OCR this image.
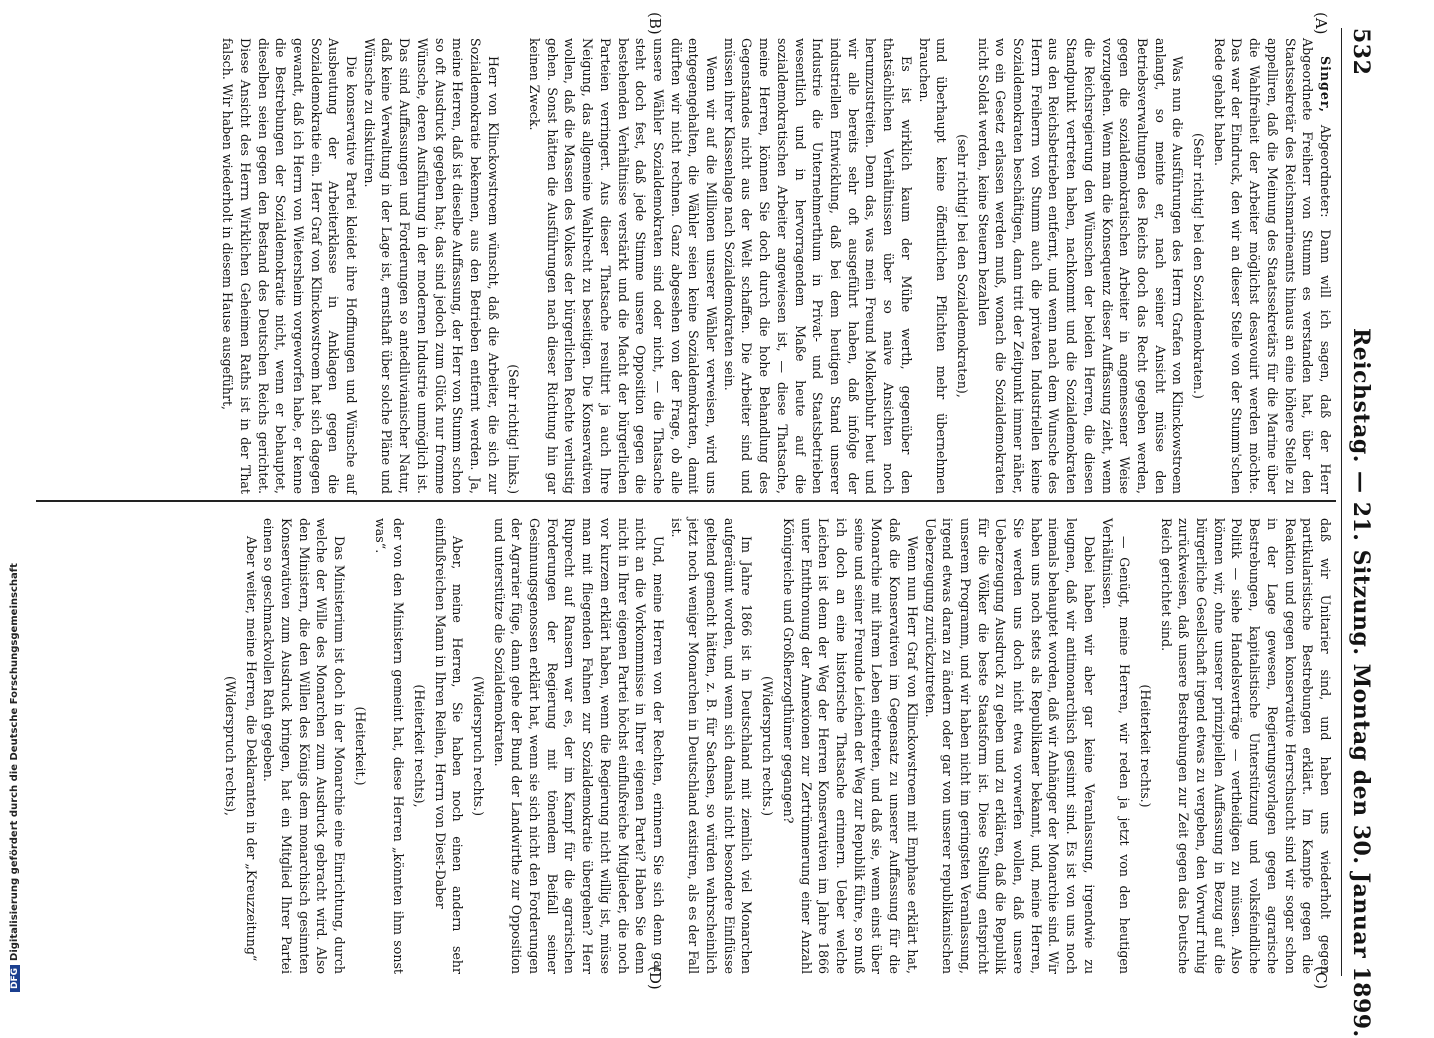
532
Reichstag. — 21. Sitzung. Montag den 30. Januar 1899.
(A)
(B)
(C)
(D)

Singer, Abgeordneter: Dann will ich sagen, daß der Herr Abgeordnete Freiherr von Stumm es verstanden hat, über den Staatssekretär des Reichsmarineamts hinaus an eine höhere Stelle zu appelliren, daß die Meinung des Staatssekretärs für die Marine über die Wahlfreiheit der Arbeiter möglichst desavouirt werden möchte. Das war der Eindruck, den wir an dieser Stelle von der Stumm'schen Rede gehabt haben.

(Sehr richtig! bei den Sozialdemokraten.)

Was nun die Ausführungen des Herrn Grafen von Klinckowstroem anlangt, so meinte er, nach seiner Ansicht müsse den Betriebsverwaltungen des Reichs doch das Recht gegeben werden, gegen die sozialdemokratischen Arbeiter in angemessener Weise vorzugehen. Wenn man die Konsequenz dieser Auffassung zieht, wenn die Reichsregierung den Wünschen der beiden Herren, die diesen Standpunkt vertreten haben, nachkommt und die Sozialdemokraten aus den Reichsbetrieben entfernt, und wenn nach dem Wunsche des Herrn Freiherrn von Stumm auch die privaten Industriellen keine Sozialdemokraten beschäftigen, dann tritt der Zeitpunkt immer näher, wo ein Gesetz erlassen werden muß, wonach die Sozialdemokraten nicht Soldat werden, keine Steuern bezahlen

(sehr richtig! bei den Sozialdemokraten),

und überhaupt keine öffentlichen Pflichten mehr übernehmen brauchen.

Es ist wirklich kaum der Mühe werth, gegenüber den thatsächlichen Verhältnissen über so naive Ansichten noch herumzustreiten. Denn das, was mein Freund Molkenbuhr heut und wir alle bereits sehr oft ausgeführt haben, daß infolge der industriellen Entwicklung, daß bei dem heutigen Stand unserer Industrie die Unternehmerthum in Privat- und Staatsbetrieben wesentlich und in hervorragendem Maße heute auf die sozialdemokratischen Arbeiter angewiesen ist, — diese Thatsache, meine Herren, können Sie doch durch die hohe Behandlung des Gegenstandes nicht aus der Welt schaffen. Die Arbeiter sind und müssen ihrer Klassenlage nach Sozialdemokraten sein.

Wenn wir auf die Millionen unserer Wähler verweisen, wird uns entgegengehalten, die Wähler seien keine Sozialdemokraten, damit dürften wir nicht rechnen. Ganz abgesehen von der Frage, ob alle unsere Wähler Sozialdemokraten sind oder nicht, — die Thatsache steht doch fest, daß jede Stimme unsere Opposition gegen die bestehenden Verhältnisse verstärkt und die Macht der bürgerlichen Parteien verringert. Aus dieser Thatsache resultirt ja auch Ihre Neigung, das allgemeine Wahlrecht zu beseitigen. Die Konservativen wollen, daß die Massen des Volkes der bürgerlichen Rechte verlustig gehen. Sonst hätten die Ausführungen nach dieser Richtung hin gar keinen Zweck.

(Sehr richtig! links.)

Herr von Klinckowstroem wünscht, daß die Arbeiter, die sich zur Sozialdemokratie bekennen, aus den Betrieben entfernt werden. Ja, meine Herren, daß ist dieselbe Auffassung, der Herr von Stumm schon so oft Ausdruck gegeben hat; das sind jedoch zum Glück nur fromme Wünsche, deren Ausführung in der modernen Industrie unmöglich ist. Das sind Auffassungen und Forderungen so antediluvianischer Natur, daß keine Verwaltung in der Lage ist, ernsthaft über solche Pläne und Wünsche zu diskutiren.

Die konservative Partei kleidet ihre Hoffnungen und Wünsche auf Ausbeutung der Arbeiterklasse in Anklagen gegen die Sozialdemokratie ein. Herr Graf von Klinckowstroem hat sich dagegen gewandt, daß ich Herrn von Wietersheim vorgeworfen habe, er kenne die Bestrebungen der Sozialdemokratie nicht, wenn er behauptet, dieselben seien gegen den Bestand des Deutschen Reichs gerichtet. Diese Ansicht des Herrn Wirklichen Geheimen Raths ist in der That falsch. Wir haben wiederholt in diesem Hause ausgeführt,

daß wir Unitarier sind, und haben uns wiederholt gegen partikularistische Bestrebungen erklärt. Im Kampfe gegen die Reaktion und gegen konservative Herrschsucht sind wir sogar schon in der Lage gewesen, Regierungsvorlagen gegen agrarische Bestrebungen, kapitalistische Unterstützung und volksfeindliche Politik — siehe Handelsverträge — vertheidigen zu müssen. Also können wir, ohne unserer prinzipiellen Auffassung in Bezug auf die bürgerliche Gesellschaft irgend etwas zu vergeben, den Vorwurf ruhig zurückweisen, daß unsere Bestrebungen zur Zeit gegen das Deutsche Reich gerichtet sind.

(Heiterkeit rechts.)

— Genügt, meine Herren, wir reden ja jetzt von den heutigen Verhältnissen.

Dabei haben wir aber gar keine Veranlassung, irgendwie zu leugnen, daß wir antimonarchisch gesinnt sind. Es ist von uns noch niemals behauptet worden, daß wir Anhänger der Monarchie sind. Wir haben uns noch stets als Republikaner bekannt, und, meine Herren, Sie werden uns doch nicht etwa vorwerfen wollen, daß unsere Ueberzeugung Ausdruck zu geben und zu erklären, daß die Republik für die Völker die beste Staatsform ist. Diese Stellung entspricht unserem Programm, und wir haben nicht im geringsten Veranlassung, irgend etwas daran zu ändern oder gar von unserer republikanischen Ueberzeugung zurückzutreten.

Wenn nun Herr Graf von Klinckowstroem mit Emphase erklärt hat, daß die Konservativen im Gegensatz zu unserer Auffassung für die Monarchie mit ihrem Leben eintreten, und daß sie, wenn einst über seine und seiner Freunde Leichen der Weg zur Republik führe, so muß ich doch an eine historische Thatsache erinnern. Ueber welche Leichen ist denn der Weg der Herren Konservativen im Jahre 1866 unter Entthronung der Annexionen zur Zertrümmerung einer Anzahl Königreiche und Großherzogthümer gegangen?

(Widerspruch rechts.)

Im Jahre 1866 ist in Deutschland mit ziemlich viel Monarchen aufgeräumt worden, und wenn sich damals nicht besondere Einflüsse geltend gemacht hätten, z. B. für Sachsen, so würden wahrscheinlich jetzt noch weniger Monarchen in Deutschland existiren, als es der Fall ist.

Und, meine Herren von der Rechten, erinnern Sie sich denn gar nicht an die Vorkommnisse in Ihrer eigenen Partei? Haben Sie denn nicht in Ihrer eigenen Partei höchst einflußreiche Mitglieder, die noch vor kurzem erklärt haben, wenn die Regierung nicht willig ist, müsse man mit fliegenden Fahnen zur Sozialdemokratie übergehen? Herr Ruprecht auf Ransern war es, der im Kampf für die agrarischen Forderungen der Regierung mit tönendem Beifall seiner Gesinnungsgenossen erklärt hat, wenn sie sich nicht den Forderungen der Agrarier füge, dann gehe der Bund der Landwirthe zur Opposition und unterstütze die Sozialdemokraten.

(Widerspruch rechts.)

Aber, meine Herren, Sie haben noch einen andern sehr einflußreichen Mann in Ihren Reihen, Herrn von Diest-Daber

(Heiterkeit rechts),

der von den Ministern gemeint hat, diese Herren „könnten ihm sonst was“.

(Heiterkeit.)

Das Ministerium ist doch in der Monarchie eine Einrichtung, durch welche der Wille des Monarchen zum Ausdruck gebracht wird. Also den Ministern, die den Willen des Königs dem monarchisch gesinnten Konservativen zum Ausdruck bringen, hat ein Mitglied Ihrer Partei einen so geschmackvollen Rath gegeben.

Aber weiter, meine Herren, die Deklaranten in der „Kreuzzeitung“

(Widerspruch rechts),

DFGDigitalisierung gefördert durch die Deutsche Forschungsgemeinschaft
